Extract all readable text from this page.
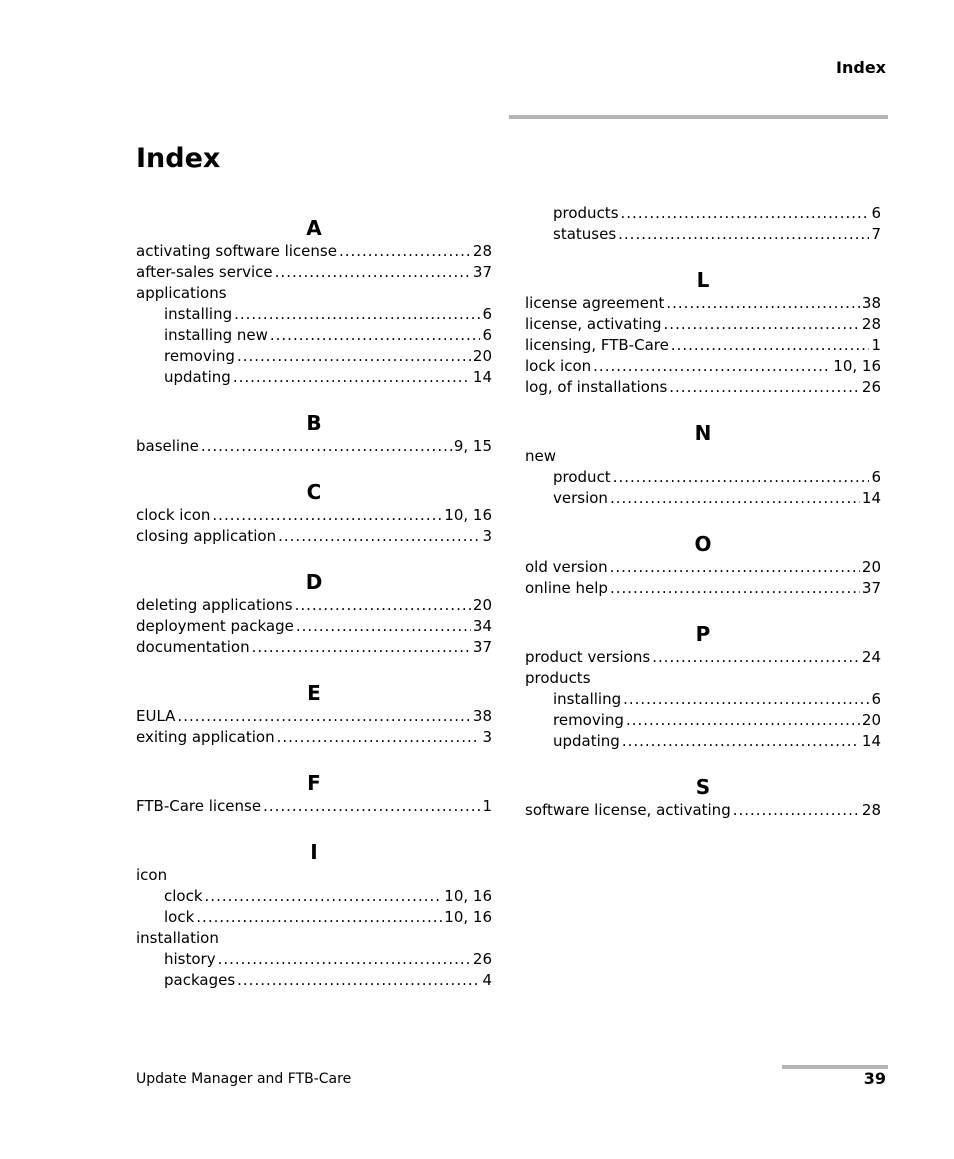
Index
Index
A
activating software license .....	28
after-sales service .....	37
applications
installing .....	6
installing new .....	6
removing .....	20
updating .....	14
B
baseline .....	9, 15
C
clock icon .....	10, 16
closing application .....	3
D
deleting applications .....	20
deployment package .....	34
documentation .....	37
E
EULA .....	38
exiting application .....	3
F
FTB-Care license .....	1
I
icon
clock .....	10, 16
lock .....	10, 16
installation
history .....	26
packages .....	4
products .....	6
statuses .....	7
L
license agreement .....	38
license, activating .....	28
licensing, FTB-Care .....	1
lock icon .....	10, 16
log, of installations .....	26
N
new
product .....	6
version .....	14
O
old version .....	20
online help .....	37
P
product versions .....	24
products
installing .....	6
removing .....	20
updating .....	14
S
software license, activating .....	28
Update Manager and FTB-Care	39
